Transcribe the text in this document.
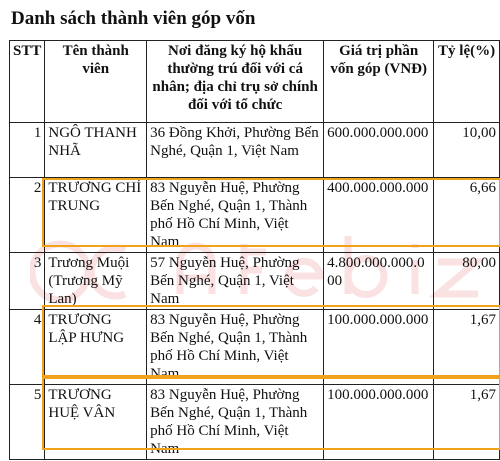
Danh sách thành viên góp vốn
STT	Tên thành viên	Nơi đăng ký hộ khẩu thường trú đối với cá nhân; địa chỉ trụ sở chính đối với tổ chức	Giá trị phần vốn góp (VNĐ)	Tỷ lệ(%)
1	NGÔ THANH NHÃ	36 Đồng Khởi, Phường Bến Nghé, Quận 1, Việt Nam	600.000.000.000	10,00
2	TRƯƠNG CHÍ TRUNG	83 Nguyễn Huệ, Phường Bến Nghé, Quận 1, Thành phố Hồ Chí Minh, Việt Nam	400.000.000.000	6,66
3	Trương Muội (Trương Mỹ Lan)	57 Nguyễn Huệ, Phường Bến Nghé, Quận 1, Việt Nam	4.800.000.000.000	80,00
4	TRƯƠNG LẬP HƯNG	83 Nguyễn Huệ, Phường Bến Nghé, Quận 1, Thành phố Hồ Chí Minh, Việt Nam	100.000.000.000	1,67
5	TRƯƠNG HUỆ VÂN	83 Nguyễn Huệ, Phường Bến Nghé, Quận 1, Thành phố Hồ Chí Minh, Việt Nam	100.000.000.000	1,67
